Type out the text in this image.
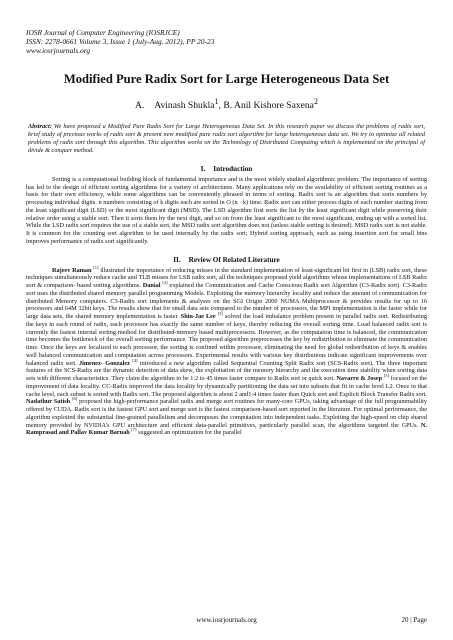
IOSR Journal of Computer Engineering (IOSRJCE)
ISSN: 2278-0661 Volume 3, Issue 1 (July-Aug. 2012), PP 20-23
www.iosrjournals.org
Modified Pure Radix Sort for Large Heterogeneous Data Set
A. Avinash Shukla$^1$, B. Anil Kishore Saxena$^2$
Abstract: We have proposed a Modified Pure Radix Sort for Large Heterogeneous Data Set. In this research paper we discuss the problems of radix sort, brief study of previous works of radix sort & present new modified pure radix sort algorithm for large heterogeneous data set. We try to optimize all related problems of radix sort through this algorithm. This algorithm works on the Technology of Distributed Computing which is implemented on the principal of divide & conquer method.
I. Introduction
Sorting is a computational building block of fundamental importance and is the most widely studied algorithmic problem. The importance of sorting has led to the design of efficient sorting algorithms for a variety of architectures. Many applications rely on the availability of efficient sorting routines as a basis for their own efficiency, while some algorithms can be conveniently phrased in terms of sorting. Radix sort is an algorithm that sorts numbers by processing individual digits. n numbers consisting of k digits each are sorted in O (n · k) time. Radix sort can either process digits of each number starting from the least significant digit (LSD) or the most significant digit (MSD). The LSD algorithm first sorts the list by the least significant digit while preserving their relative order using a stable sort. Then it sorts them by the next digit, and so on from the least significant to the most significant, ending up with a sorted list. While the LSD radix sort requires the use of a stable sort, the MSD radix sort algorithm does not (unless stable sorting is desired). MSD radix sort is not stable. It is common for the counting sort algorithm to be used internally by the radix sort; Hybrid sorting approach, such as using insertion sort for small bins improves performance of radix sort significantly.
II. Review Of Related Literature
Rajeev Raman [1] illustrated the importance of reducing misses in the standard implementation of least-significant bit first in (LSB) radix sort, these techniques simultaneously reduce cache and TLB misses for LSB radix sort, all the techniques proposed yield algorithms whose implementations of LSB Radix sort & comparison- based sorting algorithms. Danial [2] explained the Communication and Cache Conscious Radix sort Algorithm (C3-Radix sort). C3-Radix sort uses the distributed shared memory parallel programming Models. Exploiting the memory hierarchy locality and reduce the amount of communication for distributed Memory computers. C3-Radix sort implements & analyses on the SGI Origin 2000 NUMA Multiprocessor & provides results for up to 16 processors and 64M 32bit keys. The results show that for small data sets compared to the number of processors, the MPI implementation is the faster while for large data sets, the shared memory implementation is faster. Shin-Jae Lee [3] solved the load imbalance problem present in parallel radix sort. Redistributing the keys in each round of radix, each processor has exactly the same number of keys, thereby reducing the overall sorting time. Load balanced radix sort is currently the fastest internal sorting method for distributed-memory based multiprocessors. However, as the computation time is balanced, the communication time becomes the bottleneck of the overall sorting performance. The proposed algorithm preprocesses the key by redistribution to eliminate the communication time. Once the keys are localized to each processor, the sorting is confined within processor, eliminating the need for global redistribution of keys & enables well balanced communication and computation across processors. Experimental results with various key distributions indicate significant improvements over balanced radix sort. Jimenez- Gonzalez [4] introduced a new algorithm called Sequential Counting Split Radix sort (SCS-Radix sort). The three important features of the SCS-Radix are the dynamic detection of data skew, the exploitation of the memory hierarchy and the execution time stability when sorting data sets with different characteristics. They claim the algorithm to be 1:2 to 45 times faster compare to Radix sort or quick sort. Navarro & Josep [5] focused on the improvement of data locality. CC-Radix improved the data locality by dynamically partitioning the data set into subsets that fit in cache level L2. Once in that cache level, each subset is sorted with Radix sort. The proposed algorithm is about 2 and1:4 times faster than Quick sort and Explicit Block Transfer Radix sort. Nadathur Satish [6] proposed the high-performance parallel radix and merge sort routines for many-core GPUs, taking advantage of the full programmability offered by CUDA. Radix sort is the fastest GPU sort and merge sort is the fastest comparison-based sort reported in the literature. For optimal performance, the algorithm exploited the substantial fine-grained parallelism and decomposes the computation into independent tasks. Exploiting the high-speed on chip shared memory provided by NVIDIA's GPU architecture and efficient data-parallel primitives, particularly parallel scan, the algorithms targeted the GPUs. N. Ramprasad and Pallav Kumar Baruah [7] suggested an optimization for the parallel
www.iosrjournals.org	20 | Page
